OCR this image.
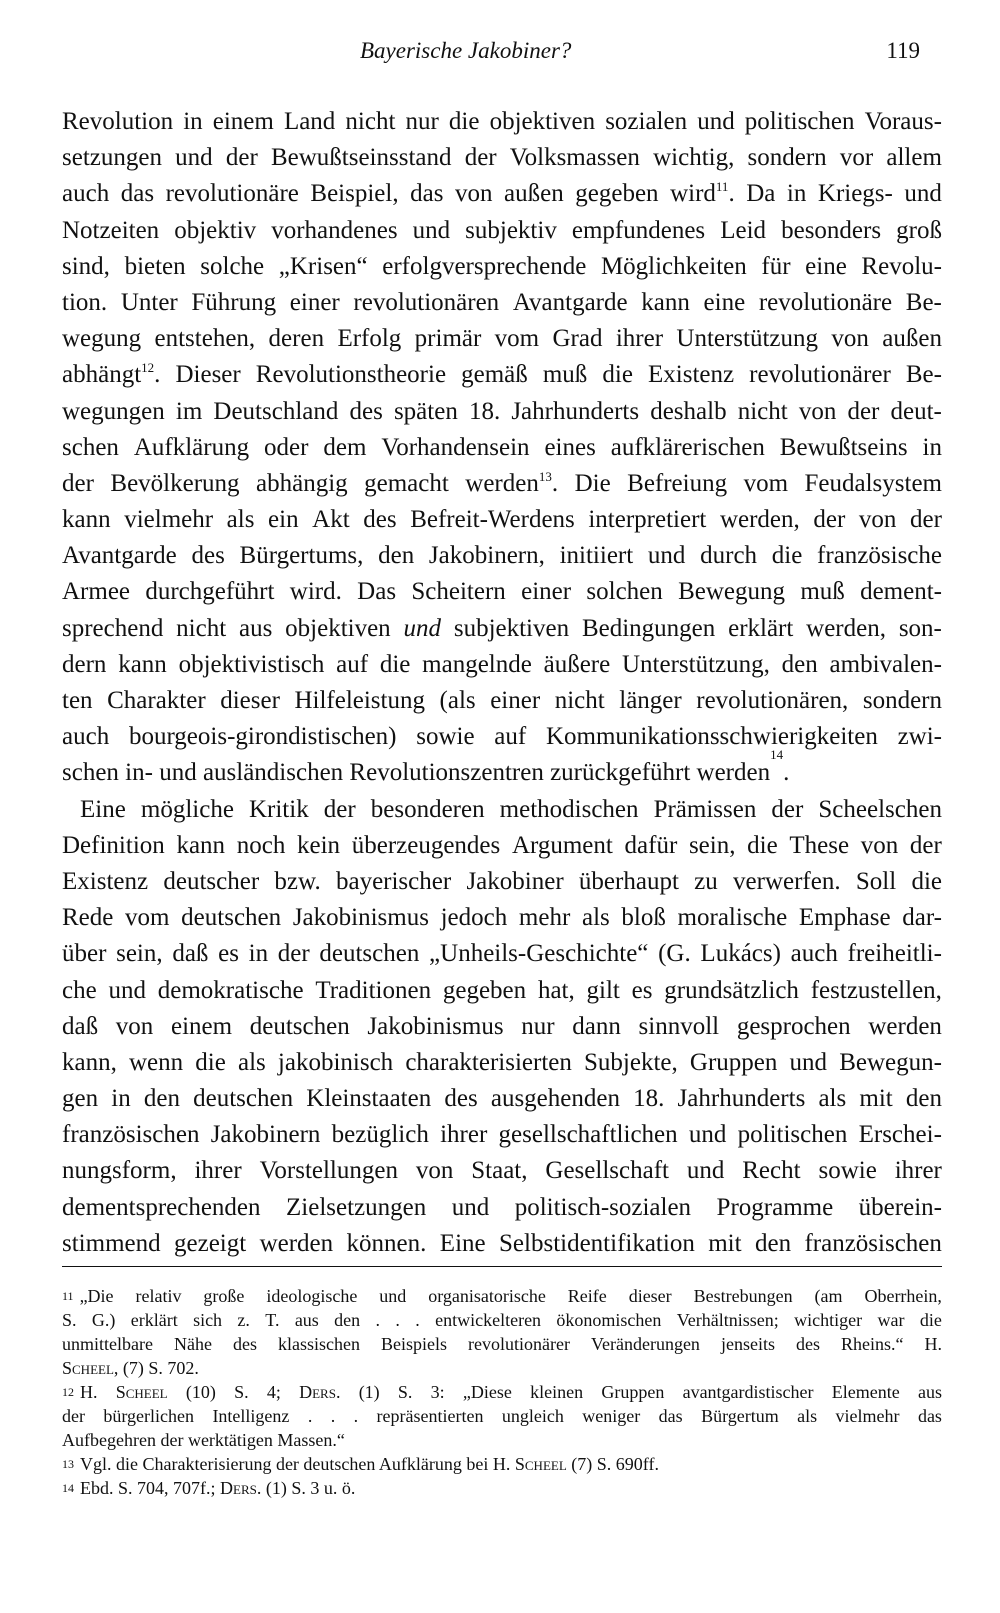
Bayerische Jakobiner?	119
Revolution in einem Land nicht nur die objektiven sozialen und politischen Voraus-
setzungen und der Bewußtseinsstand der Volksmassen wichtig, sondern vor allem
auch das revolutionäre Beispiel, das von außen gegeben wird$^{11}$. Da in Kriegs- und
Notzeiten objektiv vorhandenes und subjektiv empfundenes Leid besonders groß
sind, bieten solche „Krisen“ erfolgversprechende Möglichkeiten für eine Revolu-
tion. Unter Führung einer revolutionären Avantgarde kann eine revolutionäre Be-
wegung entstehen, deren Erfolg primär vom Grad ihrer Unterstützung von außen
abhängt$^{12}$. Dieser Revolutionstheorie gemäß muß die Existenz revolutionärer Be-
wegungen im Deutschland des späten 18. Jahrhunderts deshalb nicht von der deut-
schen Aufklärung oder dem Vorhandensein eines aufklärerischen Bewußtseins in
der Bevölkerung abhängig gemacht werden$^{13}$. Die Befreiung vom Feudalsystem
kann vielmehr als ein Akt des Befreit-Werdens interpretiert werden, der von der
Avantgarde des Bürgertums, den Jakobinern, initiiert und durch die französische
Armee durchgeführt wird. Das Scheitern einer solchen Bewegung muß dement-
sprechend nicht aus objektiven und subjektiven Bedingungen erklärt werden, son-
dern kann objektivistisch auf die mangelnde äußere Unterstützung, den ambivalen-
ten Charakter dieser Hilfeleistung (als einer nicht länger revolutionären, sondern
auch bourgeois-girondistischen) sowie auf Kommunikationsschwierigkeiten zwi-
schen in- und ausländischen Revolutionszentren zurückgeführt werden
14
.
Eine mögliche Kritik der besonderen methodischen Prämissen der Scheelschen
Definition kann noch kein überzeugendes Argument dafür sein, die These von der
Existenz deutscher bzw. bayerischer Jakobiner überhaupt zu verwerfen. Soll die
Rede vom deutschen Jakobinismus jedoch mehr als bloß moralische Emphase dar-
über sein, daß es in der deutschen „Unheils-Geschichte“ (G. Lukács) auch freiheitli-
che und demokratische Traditionen gegeben hat, gilt es grundsätzlich festzustellen,
daß von einem deutschen Jakobinismus nur dann sinnvoll gesprochen werden
kann, wenn die als jakobinisch charakterisierten Subjekte, Gruppen und Bewegun-
gen in den deutschen Kleinstaaten des ausgehenden 18. Jahrhunderts als mit den
französischen Jakobinern bezüglich ihrer gesellschaftlichen und politischen Erschei-
nungsform, ihrer Vorstellungen von Staat, Gesellschaft und Recht sowie ihrer
dementsprechenden Zielsetzungen und politisch-sozialen Programme überein-
stimmend gezeigt werden können. Eine Selbstidentifikation mit den französischen
11 „Die relativ große ideologische und organisatorische Reife dieser Bestrebungen (am Oberrhein,
S. G.) erklärt sich z. T. aus den . . . entwickelteren ökonomischen Verhältnissen; wichtiger war die
unmittelbare Nähe des klassischen Beispiels revolutionärer Veränderungen jenseits des Rheins.“ H.
Scheel, (7) S. 702.
12 H. Scheel (10) S. 4; Ders. (1) S. 3: „Diese kleinen Gruppen avantgardistischer Elemente aus
der bürgerlichen Intelligenz . . . repräsentierten ungleich weniger das Bürgertum als vielmehr das
Aufbegehren der werktätigen Massen.“
13 Vgl. die Charakterisierung der deutschen Aufklärung bei H. Scheel (7) S. 690ff.
14 Ebd. S. 704, 707f.; Ders. (1) S. 3 u. ö.
